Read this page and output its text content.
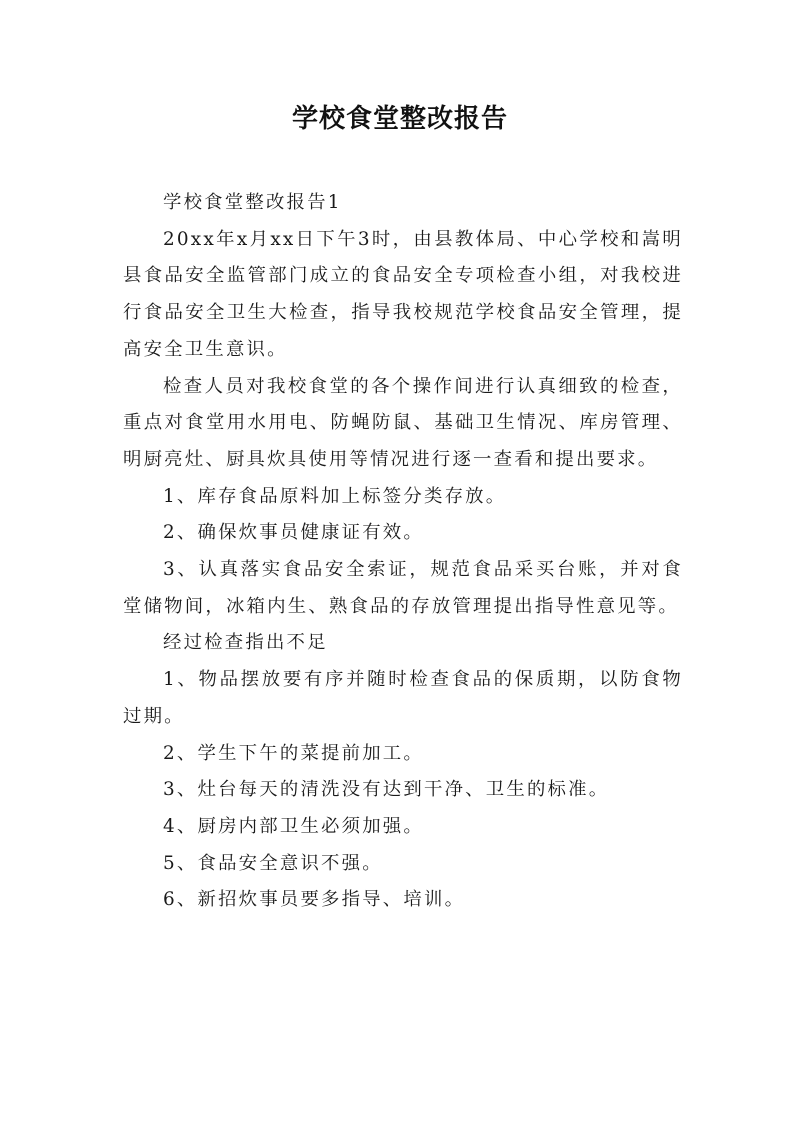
学校食堂整改报告

学校食堂整改报告1

20xx年x月xx日下午3时，由县教体局、中心学校和嵩明县食品安全监管部门成立的食品安全专项检查小组，对我校进行食品安全卫生大检查，指导我校规范学校食品安全管理，提高安全卫生意识。

检查人员对我校食堂的各个操作间进行认真细致的检查，重点对食堂用水用电、防蝇防鼠、基础卫生情况、库房管理、明厨亮灶、厨具炊具使用等情况进行逐一查看和提出要求。

1、库存食品原料加上标签分类存放。

2、确保炊事员健康证有效。

3、认真落实食品安全索证，规范食品采买台账，并对食堂储物间，冰箱内生、熟食品的存放管理提出指导性意见等。

经过检查指出不足

1、物品摆放要有序并随时检查食品的保质期，以防食物过期。

2、学生下午的菜提前加工。

3、灶台每天的清洗没有达到干净、卫生的标准。

4、厨房内部卫生必须加强。

5、食品安全意识不强。

6、新招炊事员要多指导、培训。
